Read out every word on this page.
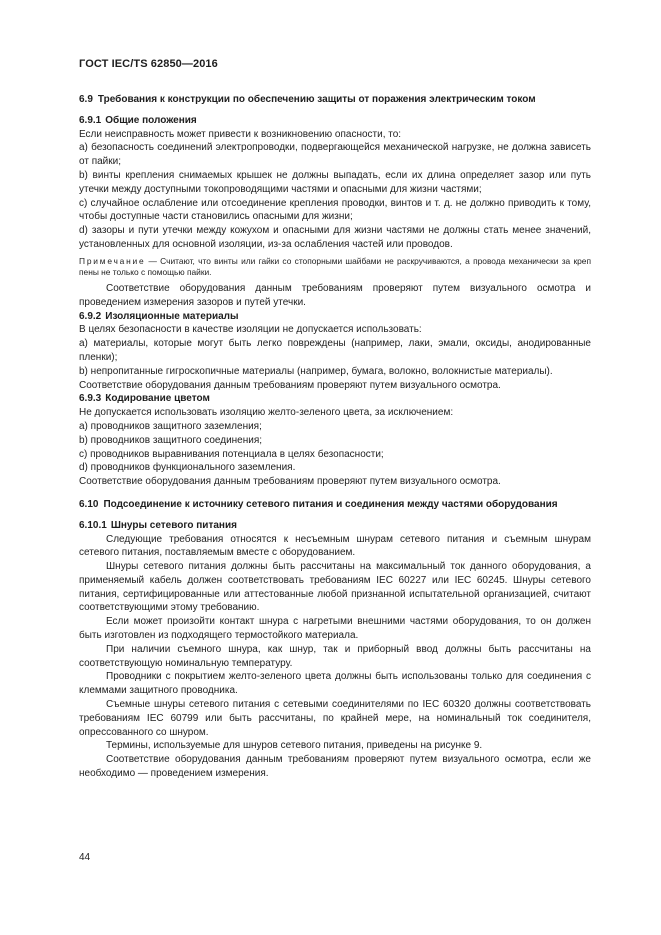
ГОСТ IEC/TS 62850—2016
6.9 Требования к конструкции по обеспечению защиты от поражения электрическим током
6.9.1 Общие положения

Если неисправность может привести к возникновению опасности, то:

а) безопасность соединений электропроводки, подвергающейся механической нагрузке, не должна зависеть от пайки;

b) винты крепления снимаемых крышек не должны выпадать, если их длина определяет зазор или путь утечки между доступными токопроводящими частями и опасными для жизни частями;

с) случайное ослабление или отсоединение крепления проводки, винтов и т. д. не должно приводить к тому, чтобы доступные части становились опасными для жизни;

d) зазоры и пути утечки между кожухом и опасными для жизни частями не должны стать менее значений, установленных для основной изоляции, из-за ослабления частей или проводов.

Примечание — Считают, что винты или гайки со стопорными шайбами не раскручиваются, а провода механически за креп пены не только с помощью пайки.

Соответствие оборудования данным требованиям проверяют путем визуального осмотра и проведением измерения зазоров и путей утечки.

6.9.2 Изоляционные материалы

В целях безопасности в качестве изоляции не допускается использовать:

а) материалы, которые могут быть легко повреждены (например, лаки, эмали, оксиды, анодированные пленки);

b) непропитанные гигроскопичные материалы (например, бумага, волокно, волокнистые материалы).

Соответствие оборудования данным требованиям проверяют путем визуального осмотра.

6.9.3 Кодирование цветом

Не допускается использовать изоляцию желто-зеленого цвета, за исключением:

а) проводников защитного заземления;

b) проводников защитного соединения;

с) проводников выравнивания потенциала в целях безопасности;

d) проводников функционального заземления.

Соответствие оборудования данным требованиям проверяют путем визуального осмотра.

6.10 Подсоединение к источнику сетевого питания и соединения между частями оборудования
6.10.1 Шнуры сетевого питания

Следующие требования относятся к несъемным шнурам сетевого питания и съемным шнурам сетевого питания, поставляемым вместе с оборудованием.

Шнуры сетевого питания должны быть рассчитаны на максимальный ток данного оборудования, а применяемый кабель должен соответствовать требованиям IEC 60227 или IEC 60245. Шнуры сетевого питания, сертифицированные или аттестованные любой признанной испытательной организацией, считают соответствующими этому требованию.

Если может произойти контакт шнура с нагретыми внешними частями оборудования, то он должен быть изготовлен из подходящего термостойкого материала.

При наличии съемного шнура, как шнур, так и приборный ввод должны быть рассчитаны на соответствующую номинальную температуру.

Проводники с покрытием желто-зеленого цвета должны быть использованы только для соединения с клеммами защитного проводника.

Съемные шнуры сетевого питания с сетевыми соединителями по IEC 60320 должны соответствовать требованиям IEC 60799 или быть рассчитаны, по крайней мере, на номинальный ток соединителя, опрессованного со шнуром.

Термины, используемые для шнуров сетевого питания, приведены на рисунке 9.

Соответствие оборудования данным требованиям проверяют путем визуального осмотра, если же необходимо — проведением измерения.

44
